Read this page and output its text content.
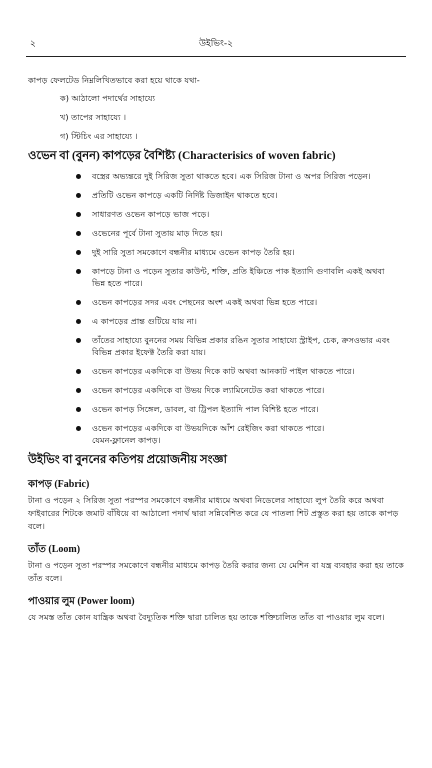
২	উইভিং-২

কাপড় ফেলটেড নিম্নলিখিতভাবে করা হয়ে থাকে যথা-

ক) আঠালো পদার্থের সাহায্যে

খ) তাপের সাহায্যে ।

গ) স্টিচিং এর সাহায্যে ।

ওভেন বা (বুনন) কাপড়ের বৈশিষ্ট্য (Characterisics of woven fabric)
বস্ত্রের অভ্যন্তরে দুই সিরিজ সুতা থাকতে হবে। এক সিরিজ টানা ও অপর সিরিজ পড়েন।
প্রতিটি ওভেন কাপড়ে একটি নির্দিষ্ট ডিজাইন থাকতে হবে।
সাধারণত ওভেন কাপড়ে ভাজ পড়ে।
ওভেনের পূর্বে টানা সুতায় মাড় দিতে হয়।
দুই সারি সুতা সমকোণে বন্ধনীর মাধ্যমে ওভেন কাপড় তৈরি হয়।
কাপড়ে টানা ও পড়েন সুতার কাউন্ট, শক্তি, প্রতি ইঞ্চিতে পাক ইত্যাদি গুণাবলি একই অথবা ভিন্ন হতে পারে।
ওভেন কাপড়ের সদর এবং পেছনের অংশ একই অথবা ভিন্ন হতে পারে।
এ কাপড়ের প্রান্ত গুটিয়ে যায় না।
তাঁতের সাহায্যে বুননের সময় বিভিন্ন প্রকার রঙিন সুতার সাহায্যে স্ট্রাইপ, চেক, ক্রসওভার এবং বিভিন্ন প্রকার ইফেক্ট তৈরি করা যায়।
ওভেন কাপড়ের একদিকে বা উভয় দিকে কাট অথবা আনকাট পাইল থাকতে পারে।
ওভেন কাপড়ের একদিকে বা উভয় দিকে ল্যামিনেটেড করা থাকতে পারে।
ওভেন কাপড় সিঙ্গেল, ডাবল, বা ট্রিপল ইত্যাদি পাল বিশিষ্ট হতে পারে।
ওভেন কাপড়ের একদিকে বা উভয়দিকে আঁশ রেইজিং করা থাকতে পারে।
যেমন-ফ্লানেল কাপড়।
উইভিং বা বুননের কতিপয় প্রয়োজনীয় সংজ্ঞা
কাপড় (Fabric)

টানা ও পড়েন ২ সিরিজ সুতা পরস্পর সমকোণে বন্ধনীর মাধ্যমে অথবা নিডেলের সাহায্যে লুপ তৈরি করে অথবা ফাইবারের শিটকে জমাট বাঁধিয়ে বা আঠালো পদার্থ দ্বারা সন্নিবেশিত করে যে পাতলা শিট প্রস্তুত করা হয় তাকে কাপড় বলে।

তাঁত (Loom)

টানা ও পড়েন সুতা পরস্পর সমকোণে বন্ধনীর মাধ্যমে কাপড় তৈরি করার জন্য যে মেশিন বা যন্ত্র ব্যবহার করা হয় তাকে তাঁত বলে।

পাওয়ার লুম (Power loom)

যে সমস্ত তাঁত কোন যান্ত্রিক অথবা বৈদ্যুতিক শক্তি দ্বারা চালিত হয় তাকে শক্তিচালিত তাঁত বা পাওয়ার লুম বলে।
